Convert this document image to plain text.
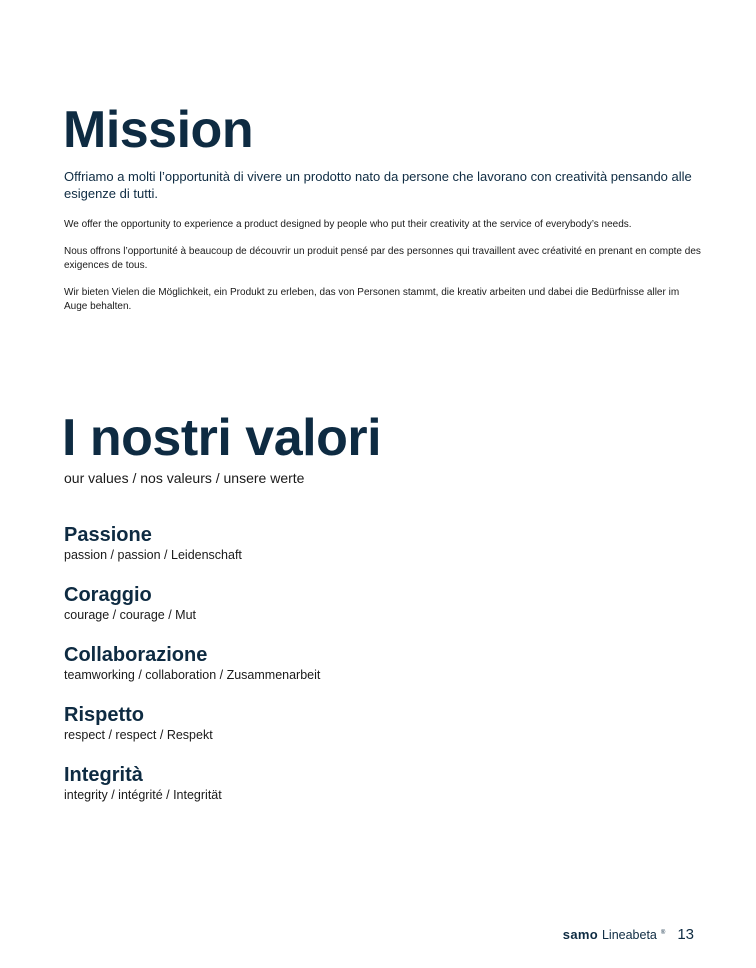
Mission

Offriamo a molti l’opportunità di vivere un prodotto nato da persone che lavorano con creatività pensando alle esigenze di tutti.

We offer the opportunity to experience a product designed by people who put their creativity at the service of everybody’s needs.

Nous offrons l’opportunité à beaucoup de découvrir un produit pensé par des personnes qui travaillent avec créativité en prenant en compte des exigences de tous.

Wir bieten Vielen die Möglichkeit, ein Produkt zu erleben, das von Personen stammt, die kreativ arbeiten und dabei die Bedürfnisse aller im Auge behalten.

I nostri valori

our values / nos valeurs / unsere werte

Passione

passion / passion / Leidenschaft

Coraggio

courage / courage / Mut

Collaborazione

teamworking / collaboration / Zusammenarbeit

Rispetto

respect / respect / Respekt

Integrità

integrity / intégrité / Integrität

samo Lineabeta ® 13
